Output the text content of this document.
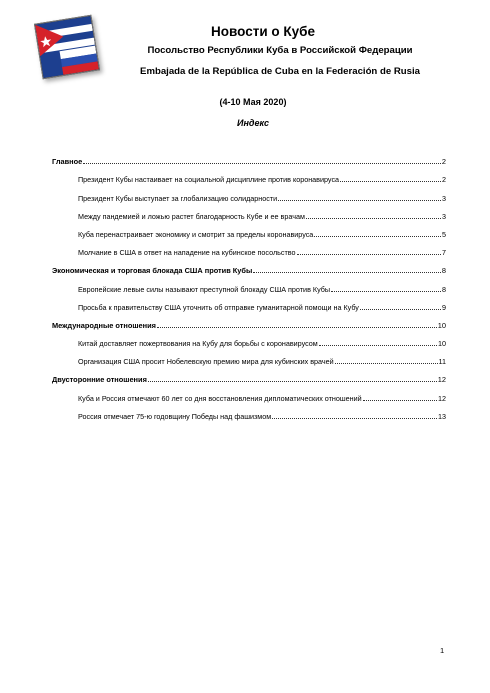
Новости о Кубе
Посольство Республики Куба в Российской Федерации
Embajada de la República de Cuba en la Federación de Rusia
(4-10 Мая 2020)
Индекс
Главное	2
Президент Кубы настаивает на социальной дисциплине против коронавируса	2
Президент Кубы выступает за глобализацию солидарности	3
Между пандемией и ложью растет благодарность Кубе и ее врачам	3
Куба перенастраивает экономику и смотрит за пределы коронавируса	5
Молчание в США в ответ на нападение на кубинское посольство	7
Экономическая и торговая блокада США против Кубы	8
Европейские левые силы называют преступной блокаду США против Кубы	8
Просьба к правительству США уточнить об отправке гуманитарной помощи на Кубу	9
Международные отношения	10
Китай доставляет пожертвования на Кубу для борьбы с коронавирусом	10
Организация США просит Нобелевскую премию мира для кубинских врачей	11
Двусторонние отношения	12
Куба и Россия отмечают 60 лет со дня восстановления дипломатических отношений	12
Россия отмечает 75-ю годовщину Победы над фашизмом	13
1
